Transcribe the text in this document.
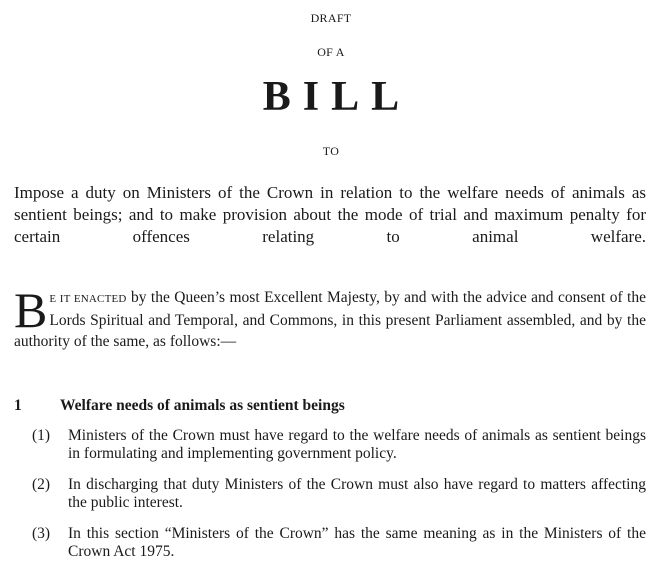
DRAFT
OF A
BILL
TO
Impose a duty on Ministers of the Crown in relation to the welfare needs of animals as sentient beings; and to make provision about the mode of trial and maximum penalty for certain offences relating to animal welfare.
B E IT ENACTED by the Queen’s most Excellent Majesty, by and with the advice and consent of the Lords Spiritual and Temporal, and Commons, in this present Parliament assembled, and by the authority of the same, as follows:—
1 Welfare needs of animals as sentient beings
(1) Ministers of the Crown must have regard to the welfare needs of animals as sentient beings in formulating and implementing government policy.
(2) In discharging that duty Ministers of the Crown must also have regard to matters affecting the public interest.
(3) In this section “Ministers of the Crown” has the same meaning as in the Ministers of the Crown Act 1975.
